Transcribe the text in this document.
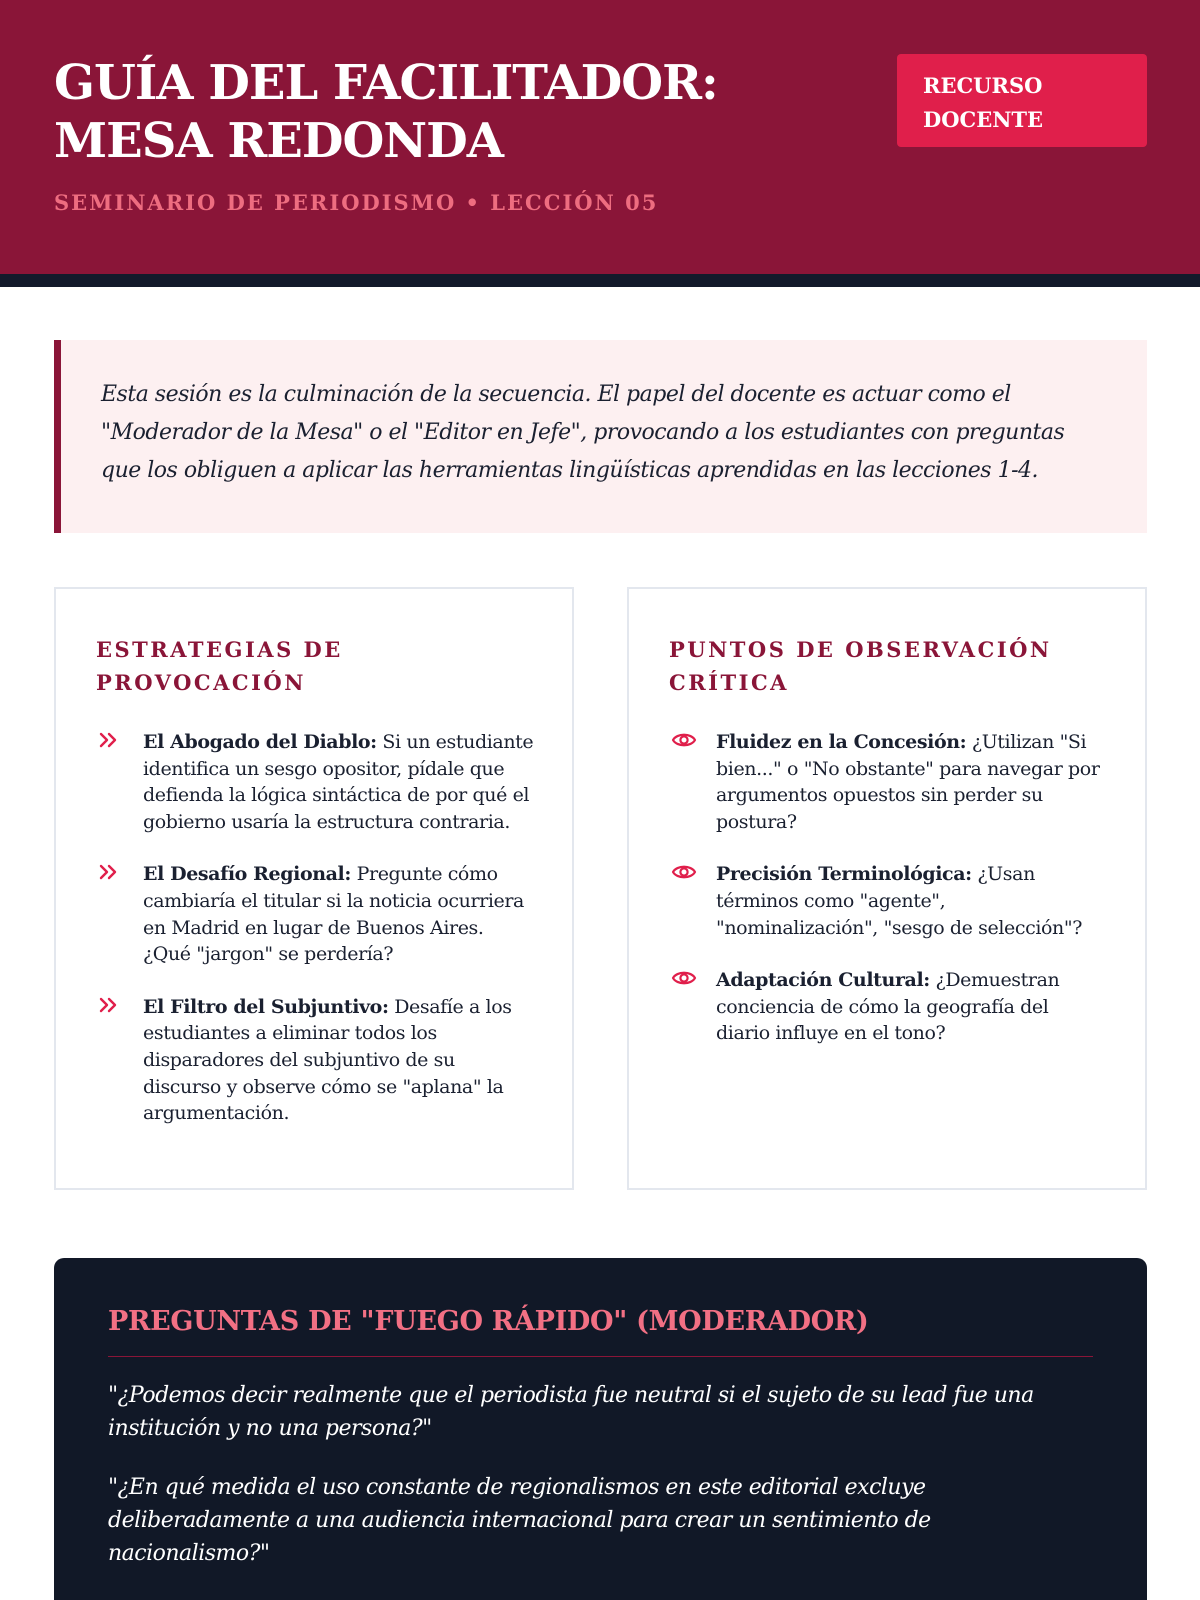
GUÍA DEL FACILITADOR: MESA REDONDA
SEMINARIO DE PERIODISMO • LECCIÓN 05
RECURSO DOCENTE

Esta sesión es la culminación de la secuencia. El papel del docente es actuar como el "Moderador de la Mesa" o el "Editor en Jefe", provocando a los estudiantes con preguntas que los obliguen a aplicar las herramientas lingüísticas aprendidas en las lecciones 1-4.

ESTRATEGIAS DE PROVOCACIÓN
El Abogado del Diablo: Si un estudiante identifica un sesgo opositor, pídale que defienda la lógica sintáctica de por qué el gobierno usaría la estructura contraria.
El Desafío Regional: Pregunte cómo cambiaría el titular si la noticia ocurriera en Madrid en lugar de Buenos Aires. ¿Qué "jargon" se perdería?
El Filtro del Subjuntivo: Desafíe a los estudiantes a eliminar todos los disparadores del subjuntivo de su discurso y observe cómo se "aplana" la argumentación.
PUNTOS DE OBSERVACIÓN CRÍTICA
Fluidez en la Concesión: ¿Utilizan "Si bien..." o "No obstante" para navegar por argumentos opuestos sin perder su postura?
Precisión Terminológica: ¿Usan términos como "agente", "nominalización", "sesgo de selección"?
Adaptación Cultural: ¿Demuestran conciencia de cómo la geografía del diario influye en el tono?
PREGUNTAS DE "FUEGO RÁPIDO" (MODERADOR)

"¿Podemos decir realmente que el periodista fue neutral si el sujeto de su lead fue una institución y no una persona?"

"¿En qué medida el uso constante de regionalismos en este editorial excluye deliberadamente a una audiencia internacional para crear un sentimiento de nacionalismo?"
